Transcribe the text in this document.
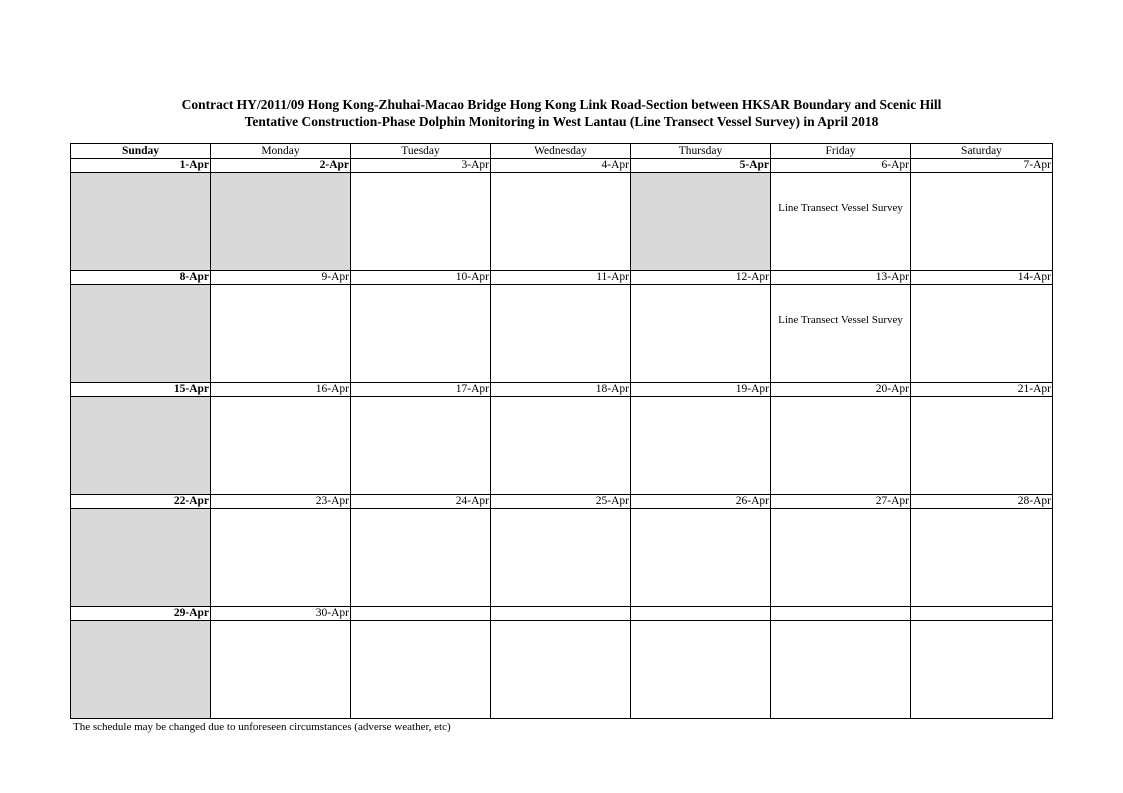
Contract HY/2011/09 Hong Kong-Zhuhai-Macao Bridge Hong Kong Link Road-Section between HKSAR Boundary and Scenic Hill
Tentative Construction-Phase Dolphin Monitoring in West Lantau (Line Transect Vessel Survey) in April 2018
Sunday	Monday	Tuesday	Wednesday	Thursday	Friday	Saturday
1-Apr	2-Apr	3-Apr	4-Apr	5-Apr	6-Apr	7-Apr

					Line Transect Vessel Survey	

8-Apr	9-Apr	10-Apr	11-Apr	12-Apr	13-Apr	14-Apr

					Line Transect Vessel Survey	

15-Apr	16-Apr	17-Apr	18-Apr	19-Apr	20-Apr	21-Apr

22-Apr	23-Apr	24-Apr	25-Apr	26-Apr	27-Apr	28-Apr

29-Apr	30-Apr					

The schedule may be changed due to unforeseen circumstances (adverse weather, etc)
